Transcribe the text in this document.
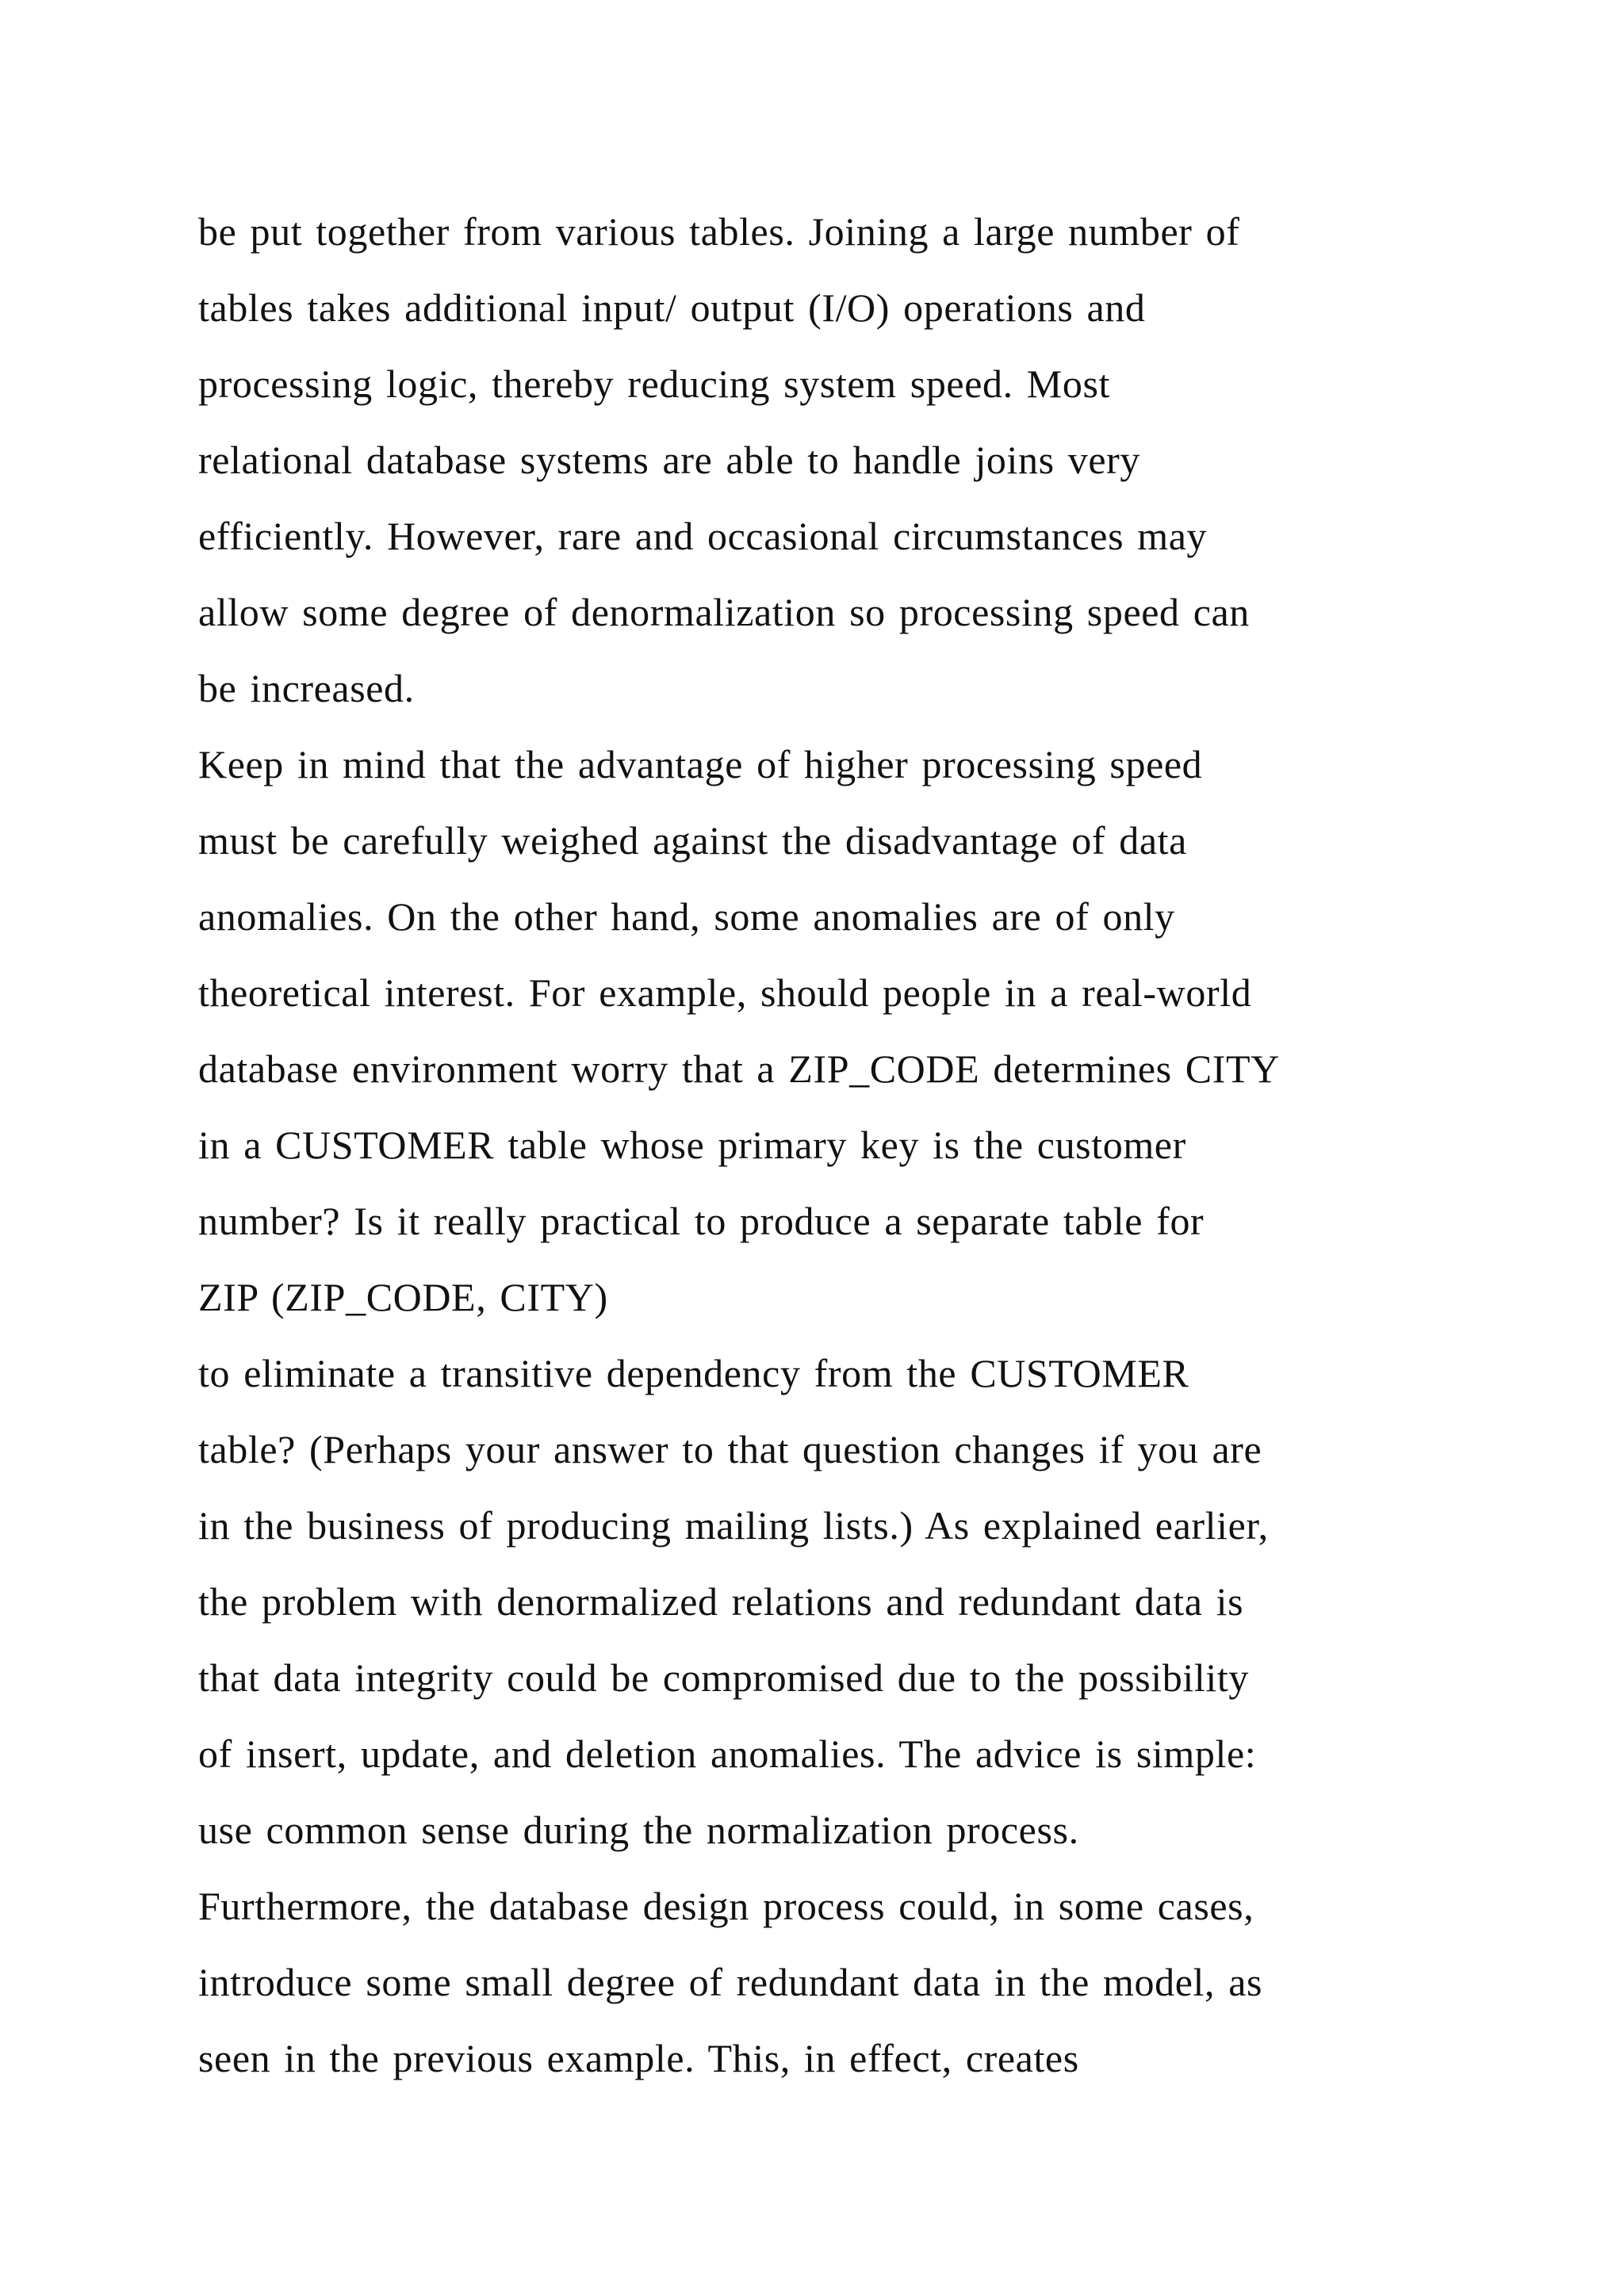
be put together from various tables. Joining a large number of
tables takes additional input/ output (I/O) operations and
processing logic, thereby reducing system speed. Most
relational database systems are able to handle joins very
efficiently. However, rare and occasional circumstances may
allow some degree of denormalization so processing speed can
be increased.
Keep in mind that the advantage of higher processing speed
must be carefully weighed against the disadvantage of data
anomalies. On the other hand, some anomalies are of only
theoretical interest. For example, should people in a real-world
database environment worry that a ZIP_CODE determines CITY
in a CUSTOMER table whose primary key is the customer
number? Is it really practical to produce a separate table for
ZIP (ZIP_CODE, CITY)
to eliminate a transitive dependency from the CUSTOMER
table? (Perhaps your answer to that question changes if you are
in the business of producing mailing lists.) As explained earlier,
the problem with denormalized relations and redundant data is
that data integrity could be compromised due to the possibility
of insert, update, and deletion anomalies. The advice is simple:
use common sense during the normalization process.
Furthermore, the database design process could, in some cases,
introduce some small degree of redundant data in the model, as
seen in the previous example. This, in effect, creates
